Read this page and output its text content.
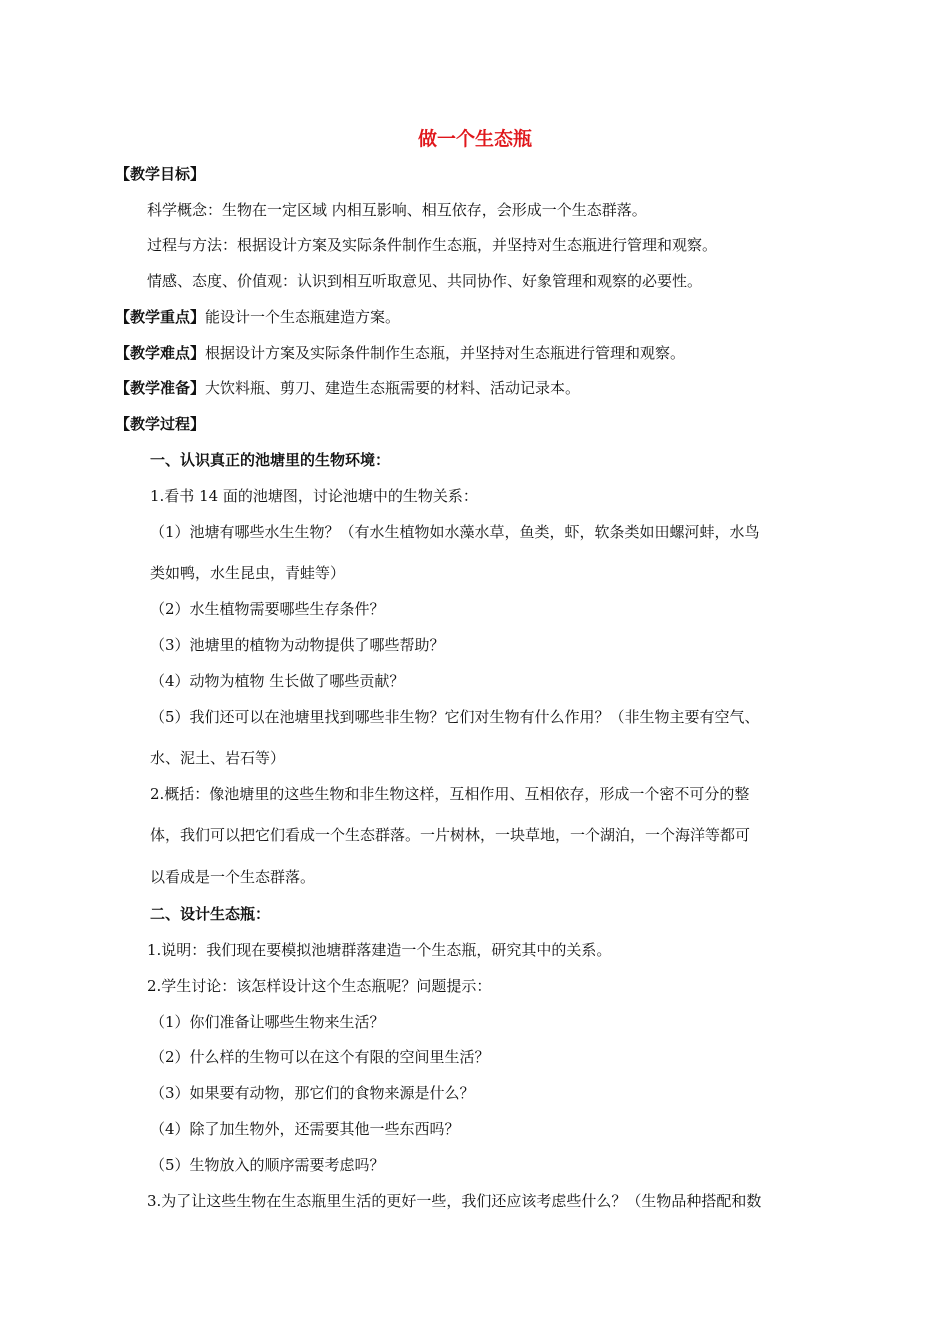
做一个生态瓶
【教学目标】
科学概念：生物在一定区域 内相互影响、相互依存，会形成一个生态群落。
过程与方法：根据设计方案及实际条件制作生态瓶，并坚持对生态瓶进行管理和观察。
情感、态度、价值观：认识到相互听取意见、共同协作、好象管理和观察的必要性。
【教学重点】能设计一个生态瓶建造方案。
【教学难点】根据设计方案及实际条件制作生态瓶，并坚持对生态瓶进行管理和观察。
【教学准备】大饮料瓶、剪刀、建造生态瓶需要的材料、活动记录本。
【教学过程】
一、认识真正的池塘里的生物环境：
1.看书 14 面的池塘图，讨论池塘中的生物关系：
（1）池塘有哪些水生生物？（有水生植物如水藻水草，鱼类，虾，软条类如田螺河蚌，水鸟
类如鸭，水生昆虫，青蛙等）
（2）水生植物需要哪些生存条件？
（3）池塘里的植物为动物提供了哪些帮助？
（4）动物为植物 生长做了哪些贡献？
（5）我们还可以在池塘里找到哪些非生物？它们对生物有什么作用？（非生物主要有空气、
水、泥土、岩石等）
2.概括：像池塘里的这些生物和非生物这样，互相作用、互相依存，形成一个密不可分的整
体，我们可以把它们看成一个生态群落。一片树林，一块草地，一个湖泊，一个海洋等都可
以看成是一个生态群落。
二、设计生态瓶：
1.说明：我们现在要模拟池塘群落建造一个生态瓶，研究其中的关系。
2.学生讨论：该怎样设计这个生态瓶呢？问题提示：
（1）你们准备让哪些生物来生活？
（2）什么样的生物可以在这个有限的空间里生活？
（3）如果要有动物，那它们的食物来源是什么？
（4）除了加生物外，还需要其他一些东西吗？
（5）生物放入的顺序需要考虑吗？
3.为了让这些生物在生态瓶里生活的更好一些，我们还应该考虑些什么？（生物品种搭配和数
